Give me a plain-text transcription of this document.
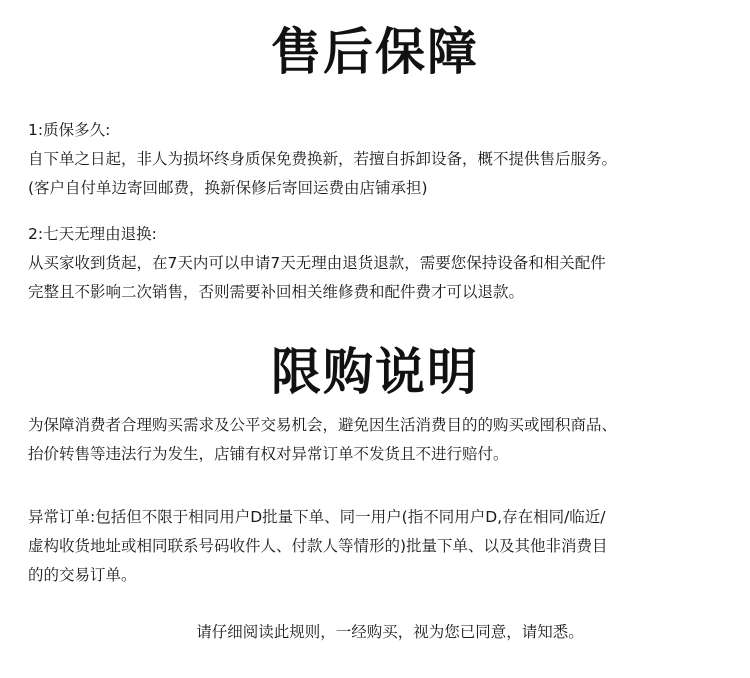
售后保障

1:质保多久:

自下单之日起，非人为损坏终身质保免费换新，若擅自拆卸设备，概不提供售后服务。

(客户自付单边寄回邮费，换新保修后寄回运费由店铺承担)

2:七天无理由退换:

从买家收到货起，在7天内可以申请7天无理由退货退款，需要您保持设备和相关配件

完整且不影响二次销售，否则需要补回相关维修费和配件费才可以退款。

限购说明

为保障消费者合理购买需求及公平交易机会，避免因生活消费目的的购买或囤积商品、

抬价转售等违法行为发生，店铺有权对异常订单不发货且不进行赔付。

异常订单:包括但不限于相同用户D批量下单、同一用户(指不同用户D,存在相同/临近/

虚构收货地址或相同联系号码收件人、付款人等情形的)批量下单、以及其他非消费目

的的交易订单。

请仔细阅读此规则，一经购买，视为您已同意，请知悉。
